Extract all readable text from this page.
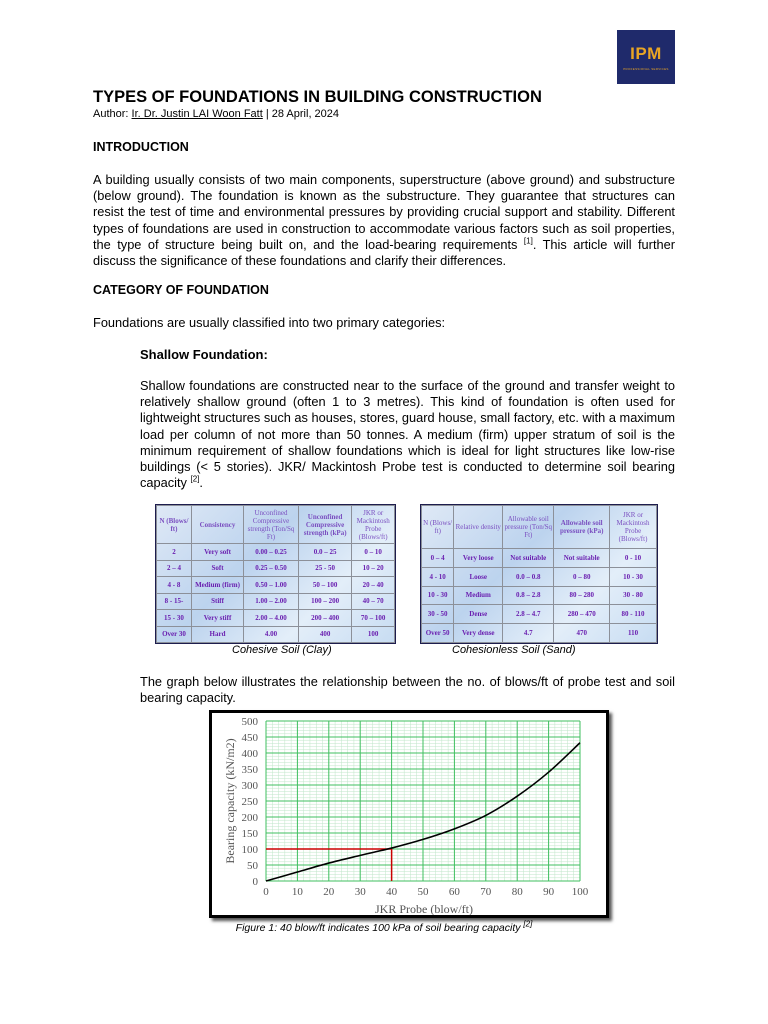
IPM
PROFESSIONAL SERVICES
TYPES OF FOUNDATIONS IN BUILDING CONSTRUCTION
Author: Ir. Dr. Justin LAI Woon Fatt | 28 April, 2024
INTRODUCTION
A building usually consists of two main components, superstructure (above ground) and substructure (below ground). The foundation is known as the substructure. They guarantee that structures can resist the test of time and environmental pressures by providing crucial support and stability. Different types of foundations are used in construction to accommodate various factors such as soil properties, the type of structure being built on, and the load-bearing requirements [1]. This article will further discuss the significance of these foundations and clarify their differences.
CATEGORY OF FOUNDATION
Foundations are usually classified into two primary categories:
Shallow Foundation:
Shallow foundations are constructed near to the surface of the ground and transfer weight to relatively shallow ground (often 1 to 3 metres). This kind of foundation is often used for lightweight structures such as houses, stores, guard house, small factory, etc. with a maximum load per column of not more than 50 tonnes. A medium (firm) upper stratum of soil is the minimum requirement of shallow foundations which is ideal for light structures like low-rise buildings (< 5 stories). JKR/ Mackintosh Probe test is conducted to determine soil bearing capacity [2].
N (Blows/ ft)	Consistency	Unconfined Compressive strength (Ton/Sq Ft)	Unconfined Compressive strength (kPa)	JKR or Mackintosh Probe (Blows/ft)
2	Very soft	0.00 – 0.25	0.0 – 25	0 – 10
2 – 4	Soft	0.25 – 0.50	25 - 50	10 – 20
4 - 8	Medium (firm)	0.50 – 1.00	50 – 100	20 – 40
8 - 15-	Stiff	1.00 – 2.00	100 – 200	40 – 70
15 - 30	Very stiff	2.00 – 4.00	200 – 400	70 – 100
Over 30	Hard	4.00	400	100
Cohesive Soil (Clay)
N (Blows/ ft)	Relative density	Allowable soil pressure (Ton/Sq Ft)	Allowable soil pressure (kPa)	JKR or Mackintosh Probe (Blows/ft)
0 – 4	Very loose	Not suitable	Not suitable	0 - 10
4 - 10	Loose	0.0 – 0.8	0 – 80	10 - 30
10 - 30	Medium	0.8 – 2.8	80 – 280	30 - 80
30 - 50	Dense	2.8 – 4.7	280 – 470	80 - 110
Over 50	Very dense	4.7	470	110
Cohesionless Soil (Sand)
The graph below illustrates the relationship between the no. of blows/ft of probe test and soil bearing capacity.
0 10 20 30 40 50 60 70 80 90 100
0
50
100
150
200
250
300
350
400
450
500
JKR Probe (blow/ft)
Bearing capacity (kN/m2)
Figure 1: 40 blow/ft indicates 100 kPa of soil bearing capacity [2]
